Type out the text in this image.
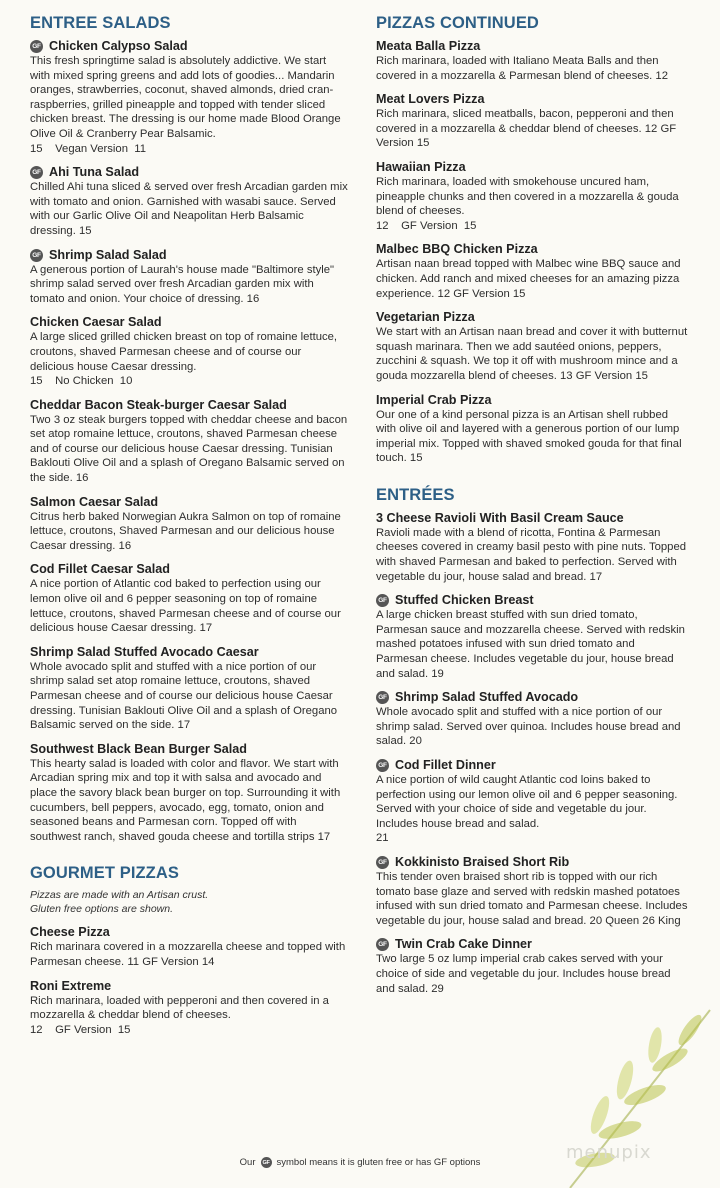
ENTREE SALADS
GF Chicken Calypso Salad
This fresh springtime salad is absolutely addictive. We start with mixed spring greens and add lots of goodies... Mandarin oranges, strawberries, coconut, shaved almonds, dried cran-raspberries, grilled pineapple and topped with tender sliced chicken breast. The dressing is our home made Blood Orange Olive Oil & Cranberry Pear Balsamic.
15    Vegan Version  11
GF Ahi Tuna Salad
Chilled Ahi tuna sliced & served over fresh Arcadian garden mix with tomato and onion. Garnished with wasabi sauce. Served with our Garlic Olive Oil and Neapolitan Herb Balsamic dressing. 15
GF Shrimp Salad Salad
A generous portion of Laurah's house made "Baltimore style" shrimp salad served over fresh Arcadian garden mix with tomato and onion. Your choice of dressing. 16
Chicken Caesar Salad
A large sliced grilled chicken breast on top of romaine lettuce, croutons, shaved Parmesan cheese and of course our delicious house Caesar dressing.
15    No Chicken  10
Cheddar Bacon Steak-burger Caesar Salad
Two 3 oz steak burgers topped with cheddar cheese and bacon set atop romaine lettuce, croutons, shaved Parmesan cheese and of course our delicious house Caesar dressing. Tunisian Baklouti Olive Oil and a splash of Oregano Balsamic served on the side. 16
Salmon Caesar Salad
Citrus herb baked Norwegian Aukra Salmon on top of romaine lettuce, croutons, Shaved Parmesan and our delicious house Caesar dressing. 16
Cod Fillet Caesar Salad
A nice portion of Atlantic cod baked to perfection using our lemon olive oil and 6 pepper seasoning on top of romaine lettuce, croutons, shaved Parmesan cheese and of course our delicious house Caesar dressing. 17
Shrimp Salad Stuffed Avocado Caesar
Whole avocado split and stuffed with a nice portion of our shrimp salad set atop romaine lettuce, croutons, shaved Parmesan cheese and of course our delicious house Caesar dressing. Tunisian Baklouti Olive Oil and a splash of Oregano Balsamic served on the side. 17
Southwest Black Bean Burger Salad
This hearty salad is loaded with color and flavor. We start with Arcadian spring mix and top it with salsa and avocado and place the savory black bean burger on top. Surrounding it with cucumbers, bell peppers, avocado, egg, tomato, onion and seasoned beans and Parmesan corn. Topped off with southwest ranch, shaved gouda cheese and tortilla strips 17
GOURMET PIZZAS
Pizzas are made with an Artisan crust.
Gluten free options are shown.
Cheese Pizza
Rich marinara covered in a mozzarella cheese and topped with Parmesan cheese. 11 GF Version 14
Roni Extreme
Rich marinara, loaded with pepperoni and then covered in a mozzarella & cheddar blend of cheeses.
12    GF Version  15
PIZZAS CONTINUED
Meata Balla Pizza
Rich marinara, loaded with Italiano Meata Balls and then covered in a mozzarella & Parmesan blend of cheeses. 12
Meat Lovers Pizza
Rich marinara, sliced meatballs, bacon, pepperoni and then covered in a mozzarella & cheddar blend of cheeses. 12 GF Version 15
Hawaiian Pizza
Rich marinara, loaded with smokehouse uncured ham, pineapple chunks and then covered in a mozzarella & gouda blend of cheeses.
12    GF Version  15
Malbec BBQ Chicken Pizza
Artisan naan bread topped with Malbec wine BBQ sauce and chicken. Add ranch and mixed cheeses for an amazing pizza experience. 12 GF Version 15
Vegetarian Pizza
We start with an Artisan naan bread and cover it with butternut squash marinara. Then we add sautéed onions, peppers, zucchini & squash. We top it off with mushroom mince and a gouda mozzarella blend of cheeses. 13 GF Version 15
Imperial Crab Pizza
Our one of a kind personal pizza is an Artisan shell rubbed with olive oil and layered with a generous portion of our lump imperial mix. Topped with shaved smoked gouda for that final touch. 15
ENTRÉES
3 Cheese Ravioli With Basil Cream Sauce
Ravioli made with a blend of ricotta, Fontina & Parmesan cheeses covered in creamy basil pesto with pine nuts. Topped with shaved Parmesan and baked to perfection. Served with vegetable du jour, house salad and bread. 17
GF Stuffed Chicken Breast
A large chicken breast stuffed with sun dried tomato, Parmesan sauce and mozzarella cheese. Served with redskin mashed potatoes infused with sun dried tomato and Parmesan cheese. Includes vegetable du jour, house bread and salad. 19
GF Shrimp Salad Stuffed Avocado
Whole avocado split and stuffed with a nice portion of our shrimp salad. Served over quinoa. Includes house bread and salad. 20
GF Cod Fillet Dinner
A nice portion of wild caught Atlantic cod loins baked to perfection using our lemon olive oil and 6 pepper seasoning. Served with your choice of side and vegetable du jour. Includes house bread and salad.
21
GF Kokkinisto Braised Short Rib
This tender oven braised short rib is topped with our rich tomato base glaze and served with redskin mashed potatoes infused with sun dried tomato and Parmesan cheese. Includes vegetable du jour, house salad and bread. 20 Queen 26 King
GF Twin Crab Cake Dinner
Two large 5 oz lump imperial crab cakes served with your choice of side and vegetable du jour. Includes house bread and salad. 29
menupix
Our	GF symbol means it is gluten free or has GF options
